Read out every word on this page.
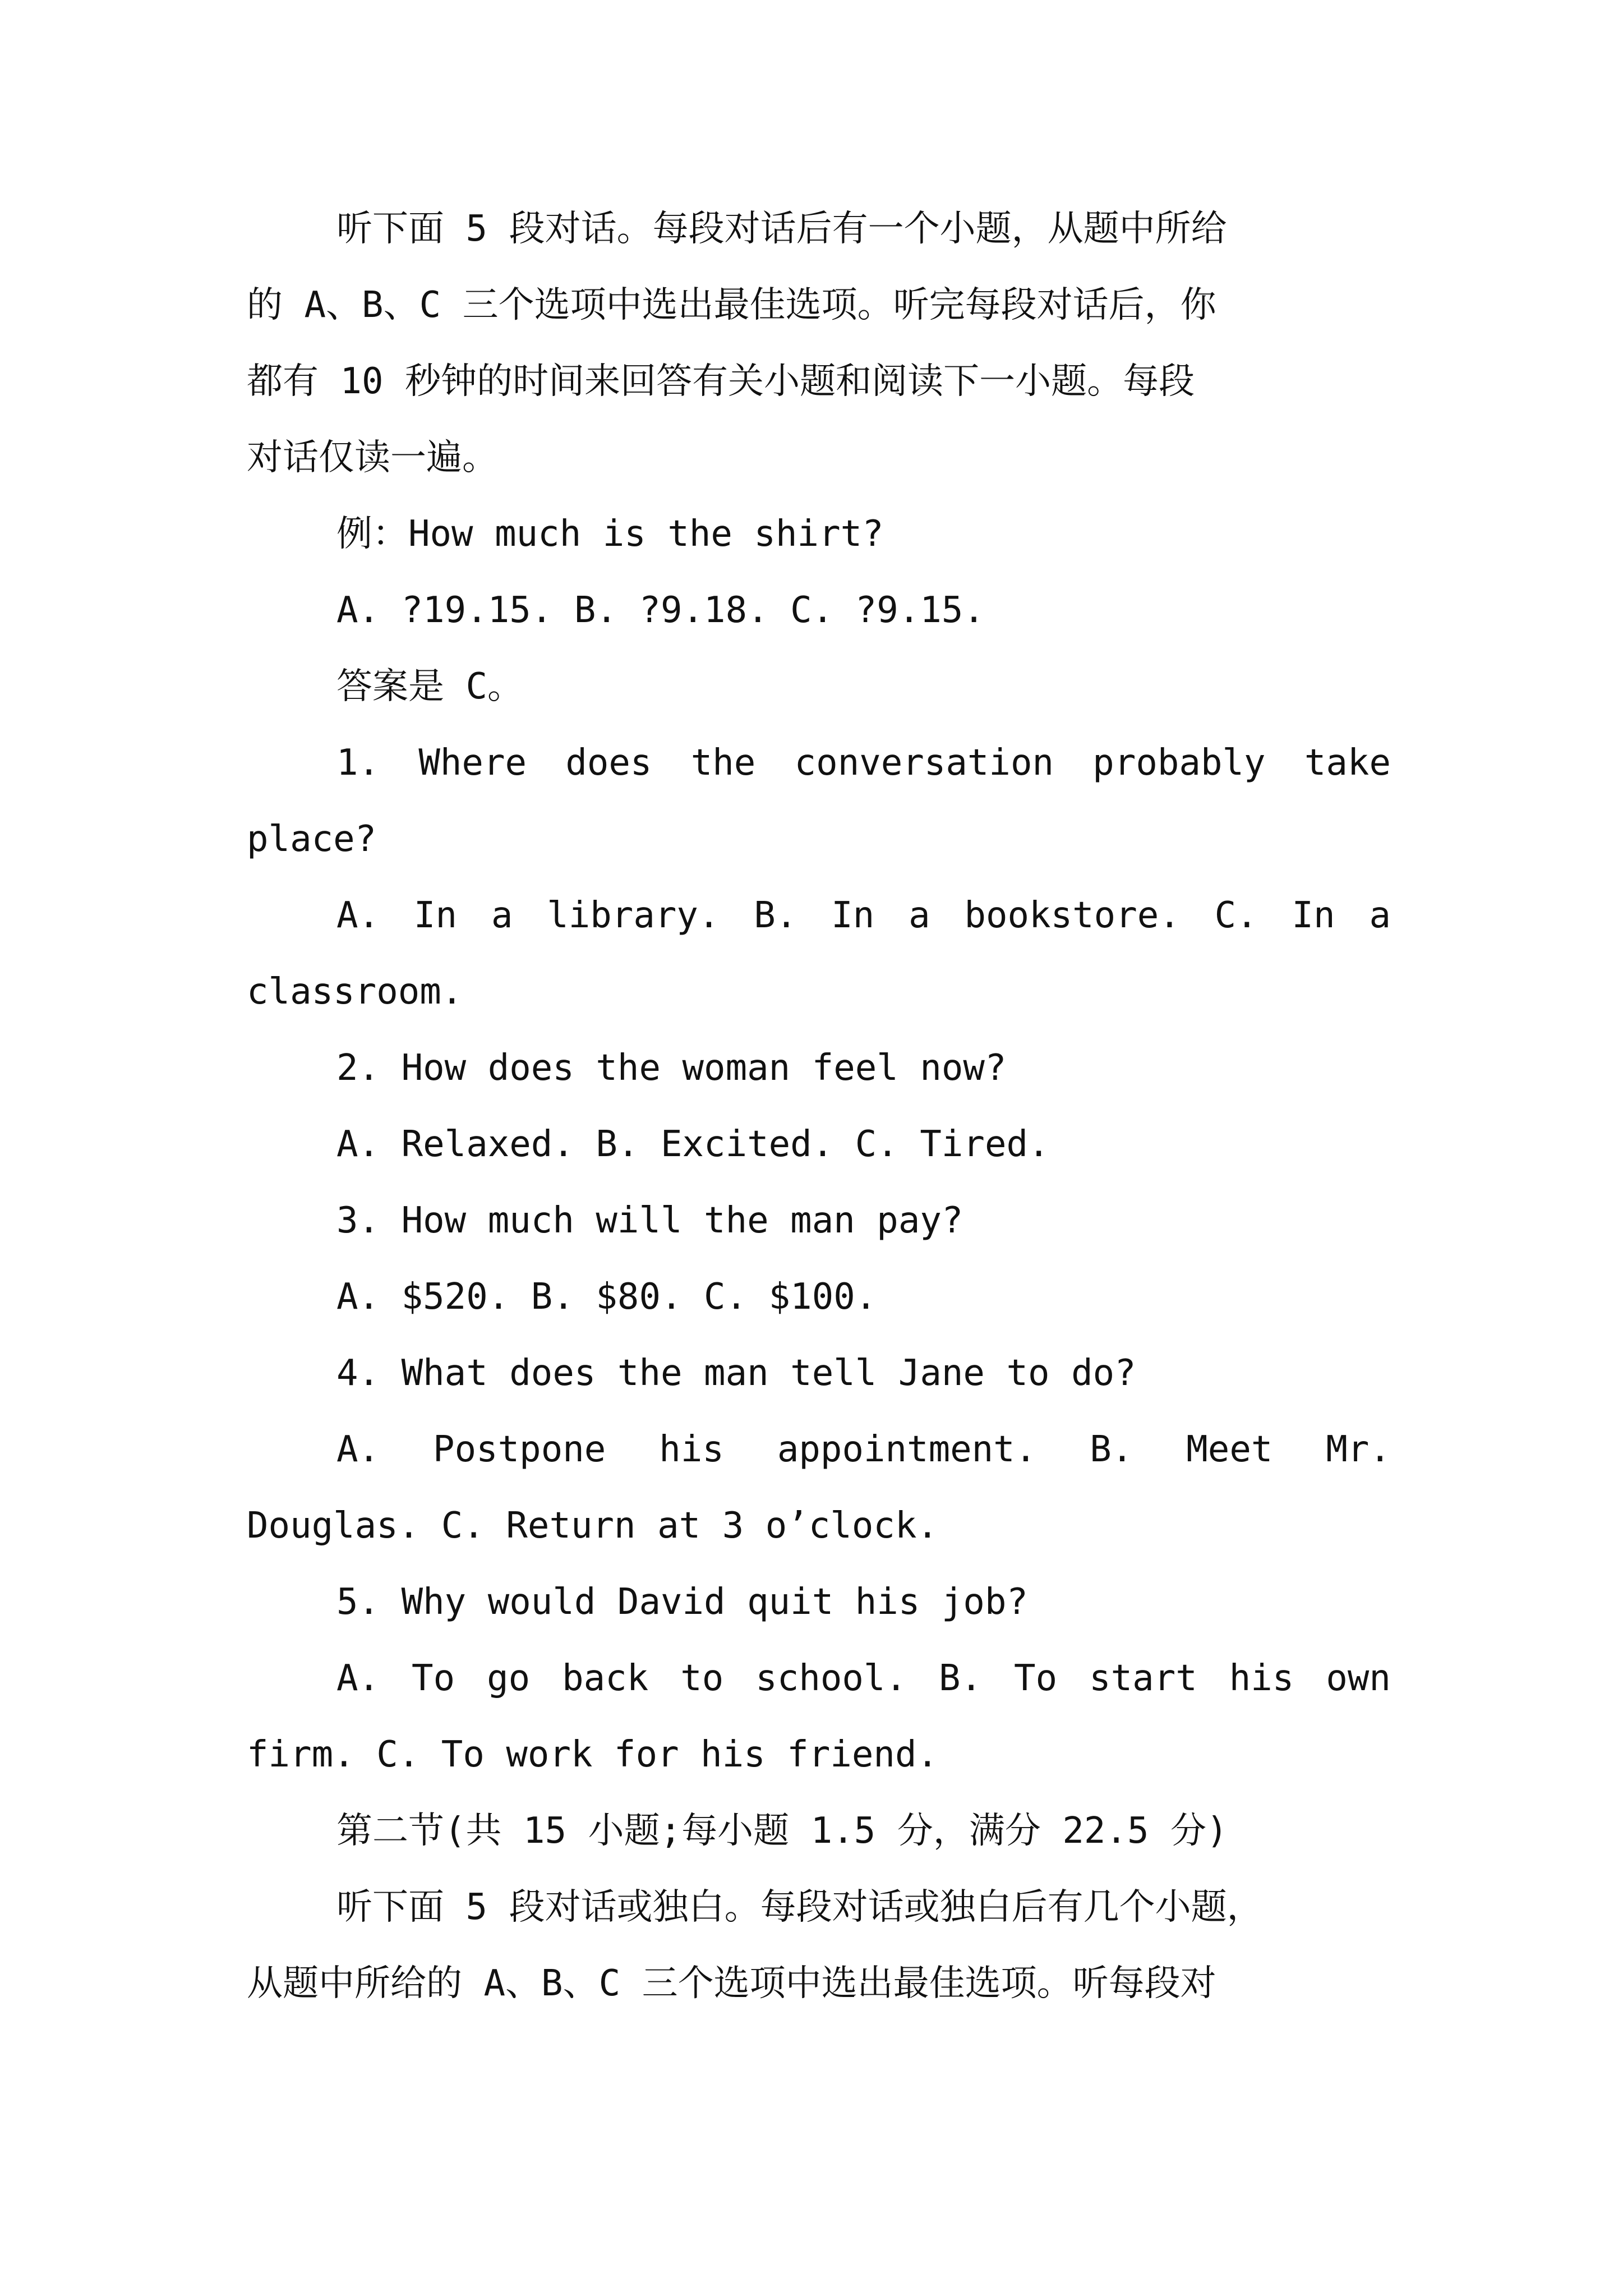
听下面 5 段对话。每段对话后有一个小题，从题中所给
的 A、B、C 三个选项中选出最佳选项。听完每段对话后，你
都有 10 秒钟的时间来回答有关小题和阅读下一小题。每段
对话仅读一遍。
例：How much is the shirt?
A. ?19.15. B. ?9.18. C. ?9.15.
答案是 C。
1. Where does the conversation probably take
place?
A. In a library. B. In a bookstore. C. In a
classroom.
2. How does the woman feel now?
A. Relaxed. B. Excited. C. Tired.
3. How much will the man pay?
A. $520. B. $80. C. $100.
4. What does the man tell Jane to do?
A. Postpone his appointment. B. Meet Mr.
Douglas. C. Return at 3 o’clock.
5. Why would David quit his job?
A. To go back to school. B. To start his own
firm. C. To work for his friend.
第二节(共 15 小题;每小题 1.5 分，满分 22.5 分)
听下面 5 段对话或独白。每段对话或独白后有几个小题，
从题中所给的 A、B、C 三个选项中选出最佳选项。听每段对
